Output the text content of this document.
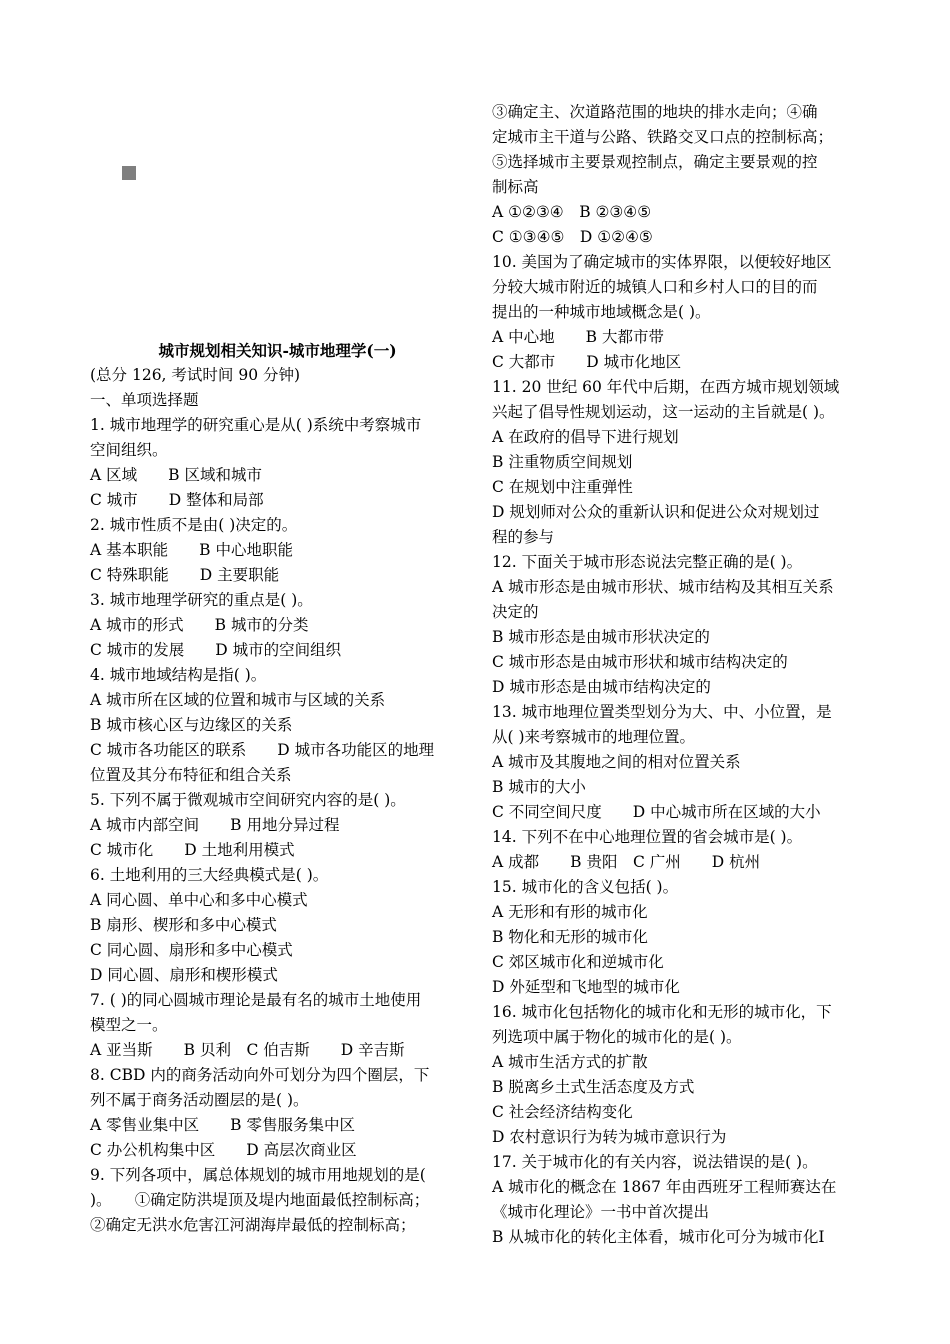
城市规划相关知识-城市地理学(一)
(总分 126, 考试时间 90 分钟)
一、单项选择题
1. 城市地理学的研究重心是从( )系统中考察城市
空间组织。
A 区域　　B 区域和城市
C 城市　　D 整体和局部
2. 城市性质不是由( )决定的。
A 基本职能　　B 中心地职能
C 特殊职能　　D 主要职能
3. 城市地理学研究的重点是( )。
A 城市的形式　　B 城市的分类
C 城市的发展　　D 城市的空间组织
4. 城市地域结构是指( )。
A 城市所在区域的位置和城市与区域的关系
B 城市核心区与边缘区的关系
C 城市各功能区的联系　　D 城市各功能区的地理
位置及其分布特征和组合关系
5. 下列不属于微观城市空间研究内容的是( )。
A 城市内部空间　　B 用地分异过程
C 城市化　　D 土地利用模式
6. 土地利用的三大经典模式是( )。
A 同心圆、单中心和多中心模式
B 扇形、楔形和多中心模式
C 同心圆、扇形和多中心模式
D 同心圆、扇形和楔形模式
7. ( )的同心圆城市理论是最有名的城市土地使用
模型之一。
A 亚当斯　　B 贝利　C 伯吉斯　　D 辛吉斯
8. CBD 内的商务活动向外可划分为四个圈层，下
列不属于商务活动圈层的是( )。
A 零售业集中区　　B 零售服务集中区
C 办公机构集中区　　D 高层次商业区
9. 下列各项中，属总体规划的城市用地规划的是(
)。　　①确定防洪堤顶及堤内地面最低控制标高；
②确定无洪水危害江河湖海岸最低的控制标高；
③确定主、次道路范围的地块的排水走向；④确
定城市主干道与公路、铁路交叉口点的控制标高；
⑤选择城市主要景观控制点，确定主要景观的控
制标高
A ①②③④　B ②③④⑤
C ①③④⑤　D ①②④⑤
10. 美国为了确定城市的实体界限，以便较好地区
分较大城市附近的城镇人口和乡村人口的目的而
提出的一种城市地域概念是( )。
A 中心地　　B 大都市带
C 大都市　　D 城市化地区
11. 20 世纪 60 年代中后期，在西方城市规划领域
兴起了倡导性规划运动，这一运动的主旨就是( )。
A 在政府的倡导下进行规划
B 注重物质空间规划
C 在规划中注重弹性
D 规划师对公众的重新认识和促进公众对规划过
程的参与
12. 下面关于城市形态说法完整正确的是( )。
A 城市形态是由城市形状、城市结构及其相互关系
决定的
B 城市形态是由城市形状决定的
C 城市形态是由城市形状和城市结构决定的
D 城市形态是由城市结构决定的
13. 城市地理位置类型划分为大、中、小位置，是
从( )来考察城市的地理位置。
A 城市及其腹地之间的相对位置关系
B 城市的大小
C 不同空间尺度　　D 中心城市所在区域的大小
14. 下列不在中心地理位置的省会城市是( )。
A 成都　　B 贵阳　C 广州　　D 杭州
15. 城市化的含义包括( )。
A 无形和有形的城市化
B 物化和无形的城市化
C 郊区城市化和逆城市化
D 外延型和飞地型的城市化
16. 城市化包括物化的城市化和无形的城市化，下
列选项中属于物化的城市化的是( )。
A 城市生活方式的扩散
B 脱离乡土式生活态度及方式
C 社会经济结构变化
D 农村意识行为转为城市意识行为
17. 关于城市化的有关内容，说法错误的是( )。
A 城市化的概念在 1867 年由西班牙工程师赛达在
《城市化理论》一书中首次提出
B 从城市化的转化主体看，城市化可分为城市化Ⅰ
